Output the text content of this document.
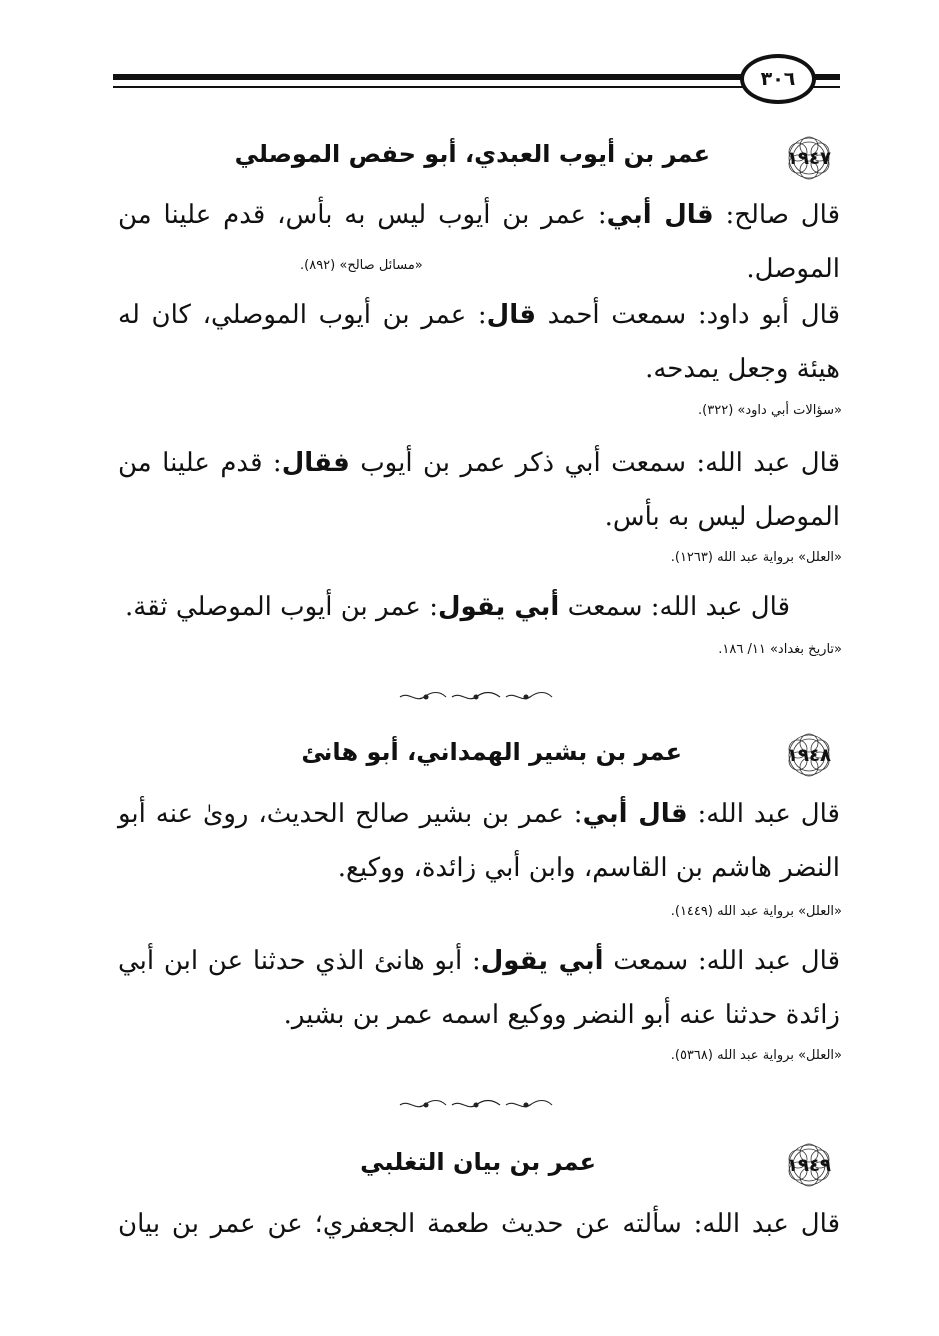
٣٠٦
١٩٤٧
عمر بن أيوب العبدي، أبو حفص الموصلي
قال صالح: قال أبي: عمر بن أيوب ليس به بأس، قدم علينا من الموصل.
«مسائل صالح» (٨٩٢).
قال أبو داود: سمعت أحمد قال: عمر بن أيوب الموصلي، كان له هيئة وجعل يمدحه.
«سؤالات أبي داود» (٣٢٢).
قال عبد الله: سمعت أبي ذكر عمر بن أيوب فقال: قدم علينا من الموصل ليس به بأس.
«العلل» برواية عبد الله (١٢٦٣).
قال عبد الله: سمعت أبي يقول: عمر بن أيوب الموصلي ثقة.
«تاريخ بغداد» ١١/ ١٨٦.
١٩٤٨
عمر بن بشير الهمداني، أبو هانئ
قال عبد الله: قال أبي: عمر بن بشير صالح الحديث، روىٰ عنه أبو النضر هاشم بن القاسم، وابن أبي زائدة، ووكيع.
«العلل» برواية عبد الله (١٤٤٩).
قال عبد الله: سمعت أبي يقول: أبو هانئ الذي حدثنا عن ابن أبي زائدة حدثنا عنه أبو النضر ووكيع اسمه عمر بن بشير.
«العلل» برواية عبد الله (٥٣٦٨).
١٩٤٩
عمر بن بيان التغلبي
قال عبد الله: سألته عن حديث طعمة الجعفري؛ عن عمر بن بيان
